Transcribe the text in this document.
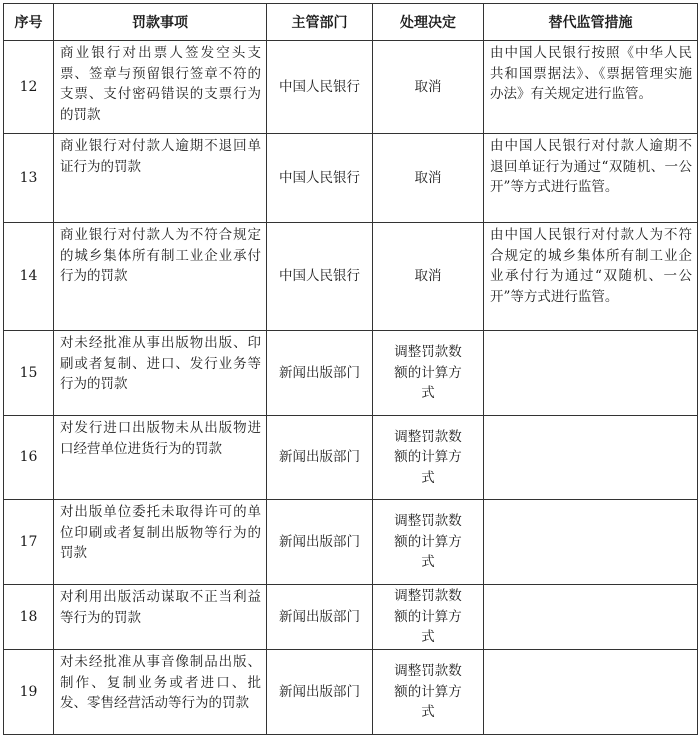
序号	罚款事项	主管部门	处理决定	替代监管措施
12	商业银行对出票人签发空头支票、签章与预留银行签章不符的支票、支付密码错误的支票行为的罚款	中国人民银行	取消	由中国人民银行按照《中华人民共和国票据法》、《票据管理实施办法》有关规定进行监管。
13	商业银行对付款人逾期不退回单证行为的罚款	中国人民银行	取消	由中国人民银行对付款人逾期不退回单证行为通过“双随机、一公开”等方式进行监管。
14	商业银行对付款人为不符合规定的城乡集体所有制工业企业承付行为的罚款	中国人民银行	取消	由中国人民银行对付款人为不符合规定的城乡集体所有制工业企业承付行为通过“双随机、一公开”等方式进行监管。
15	对未经批准从事出版物出版、印刷或者复制、进口、发行业务等行为的罚款	新闻出版部门	调整罚款数额的计算方式	
16	对发行进口出版物未从出版物进口经营单位进货行为的罚款	新闻出版部门	调整罚款数额的计算方式	
17	对出版单位委托未取得许可的单位印刷或者复制出版物等行为的罚款	新闻出版部门	调整罚款数额的计算方式	
18	对利用出版活动谋取不正当利益等行为的罚款	新闻出版部门	调整罚款数额的计算方式	
19	对未经批准从事音像制品出版、制作、复制业务或者进口、批发、零售经营活动等行为的罚款	新闻出版部门	调整罚款数额的计算方式	
